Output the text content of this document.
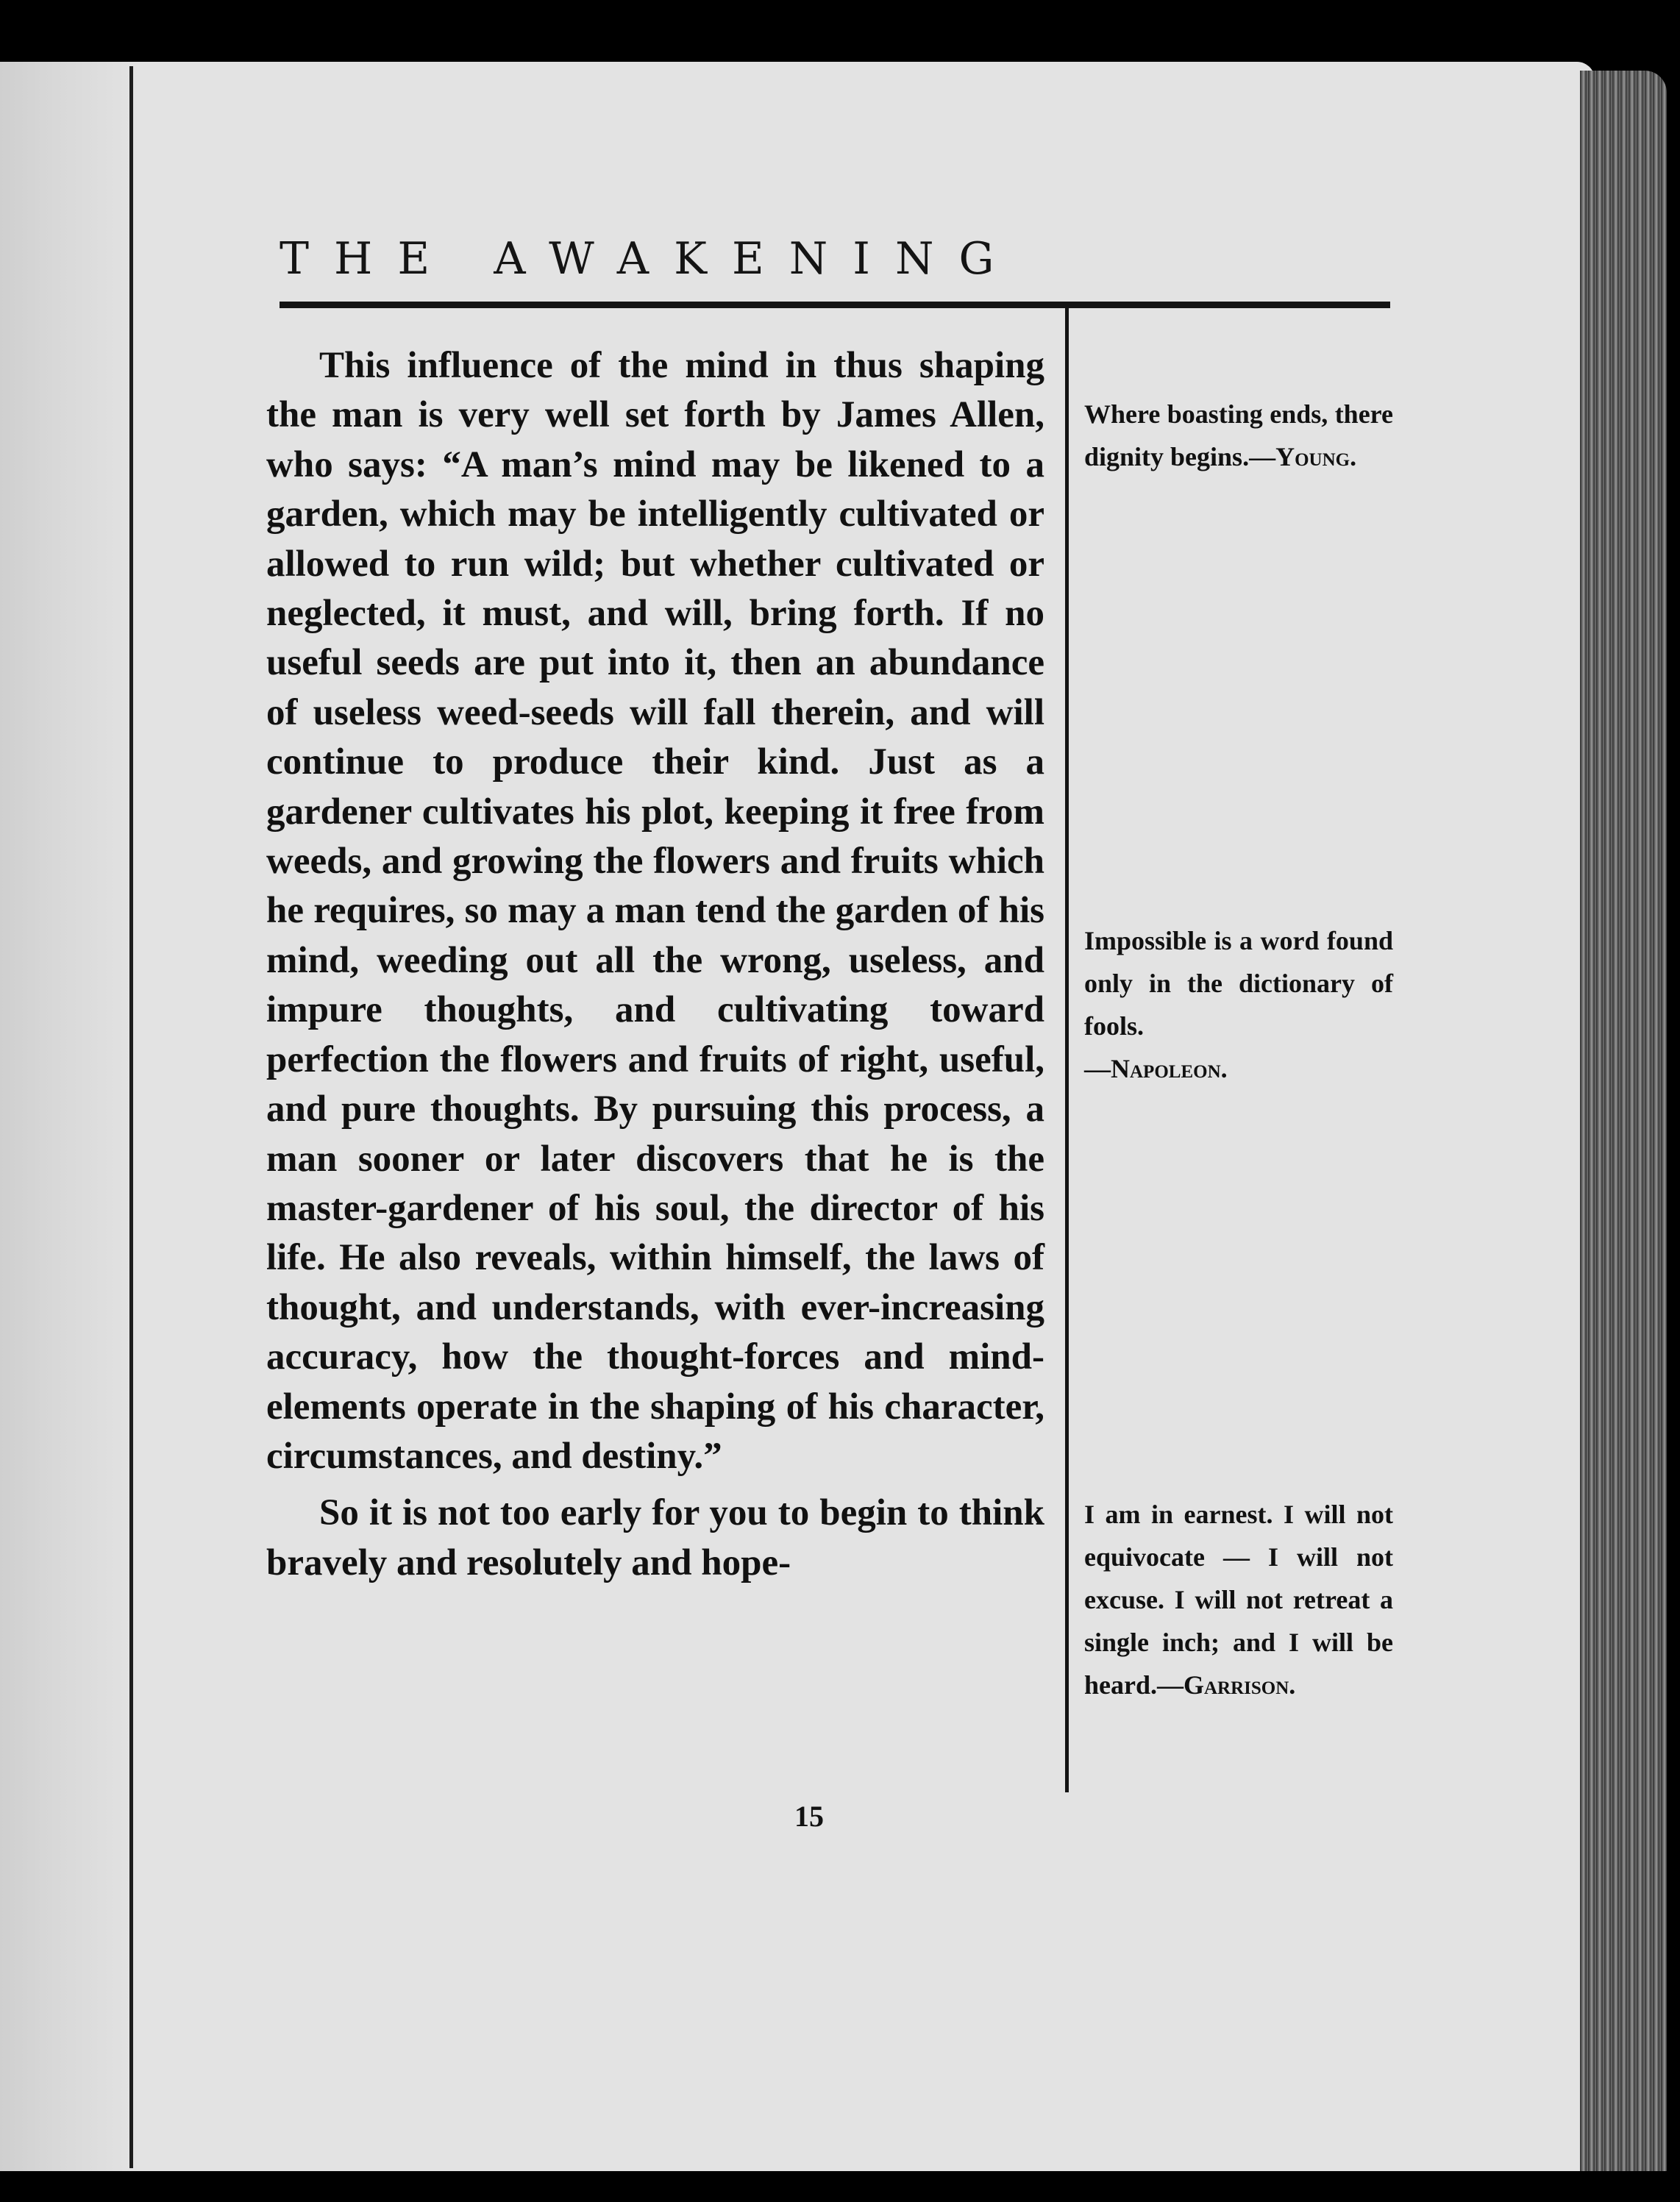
THE AWAKENING

This influence of the mind in thus shaping the man is very well set forth by James Allen, who says: “A man’s mind may be likened to a garden, which may be intelligently cultivated or allowed to run wild; but whether cultivated or neglected, it must, and will, bring forth. If no useful seeds are put into it, then an abundance of useless weed-seeds will fall therein, and will continue to produce their kind. Just as a gardener cultivates his plot, keeping it free from weeds, and growing the flowers and fruits which he requires, so may a man tend the garden of his mind, weeding out all the wrong, useless, and impure thoughts, and cultivating toward perfection the flowers and fruits of right, useful, and pure thoughts. By pursuing this process, a man sooner or later discovers that he is the master-gardener of his soul, the director of his life. He also reveals, within himself, the laws of thought, and understands, with ever-increasing accuracy, how the thought-forces and mind-elements operate in the shaping of his character, circumstances, and destiny.”

So it is not too early for you to begin to think bravely and resolutely and hope-

Where boasting ends, there dignity begins.—Young.
Impossible is a word found only in the dictionary of fools.
—Napoleon.
I am in earnest. I will not equivocate — I will not excuse. I will not retreat a single inch; and I will be heard.—Garrison.
15
